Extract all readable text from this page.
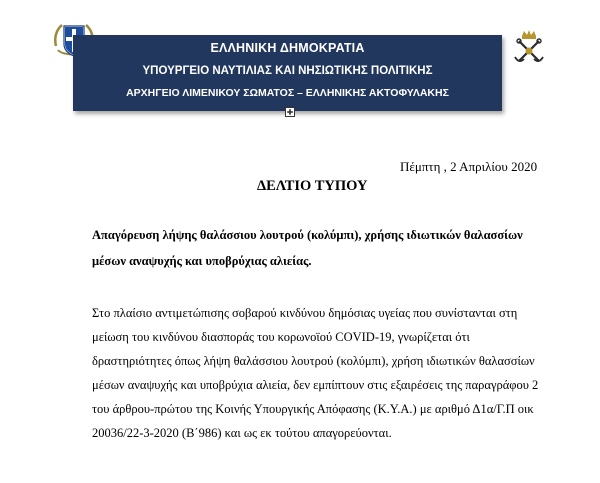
ΕΛΛΗΝΙΚΗ ΔΗΜΟΚΡΑΤΙΑ
ΥΠΟΥΡΓΕΙΟ ΝΑΥΤΙΛΙΑΣ ΚΑΙ ΝΗΣΙΩΤΙΚΗΣ ΠΟΛΙΤΙΚΗΣ
ΑΡΧΗΓΕΙΟ ΛΙΜΕΝΙΚΟΥ ΣΩΜΑΤΟΣ – ΕΛΛΗΝΙΚΗΣ ΑΚΤΟΦΥΛΑΚΗΣ
Πέμπτη , 2 Απριλίου 2020
ΔΕΛΤΙΟ ΤΥΠΟΥ
Απαγόρευση λήψης θαλάσσιου λουτρού (κολύμπι), χρήσης ιδιωτικών θαλασσίων
μέσων αναψυχής και υποβρύχιας αλιείας.
Στο πλαίσιο αντιμετώπισης σοβαρού κινδύνου δημόσιας υγείας που συνίστανται στη
μείωση του κινδύνου διασποράς του κορωνοϊού COVID-19, γνωρίζεται ότι
δραστηριότητες όπως λήψη θαλάσσιου λουτρού (κολύμπι), χρήση ιδιωτικών θαλασσίων
μέσων αναψυχής και υποβρύχια αλιεία, δεν εμπίπτουν στις εξαιρέσεις της παραγράφου 2
του άρθρου-πρώτου της Κοινής Υπουργικής Απόφασης (Κ.Υ.Α.) με αριθμό Δ1α/Γ.Π οικ
20036/22-3-2020 (Β΄986) και ως εκ τούτου απαγορεύονται.
